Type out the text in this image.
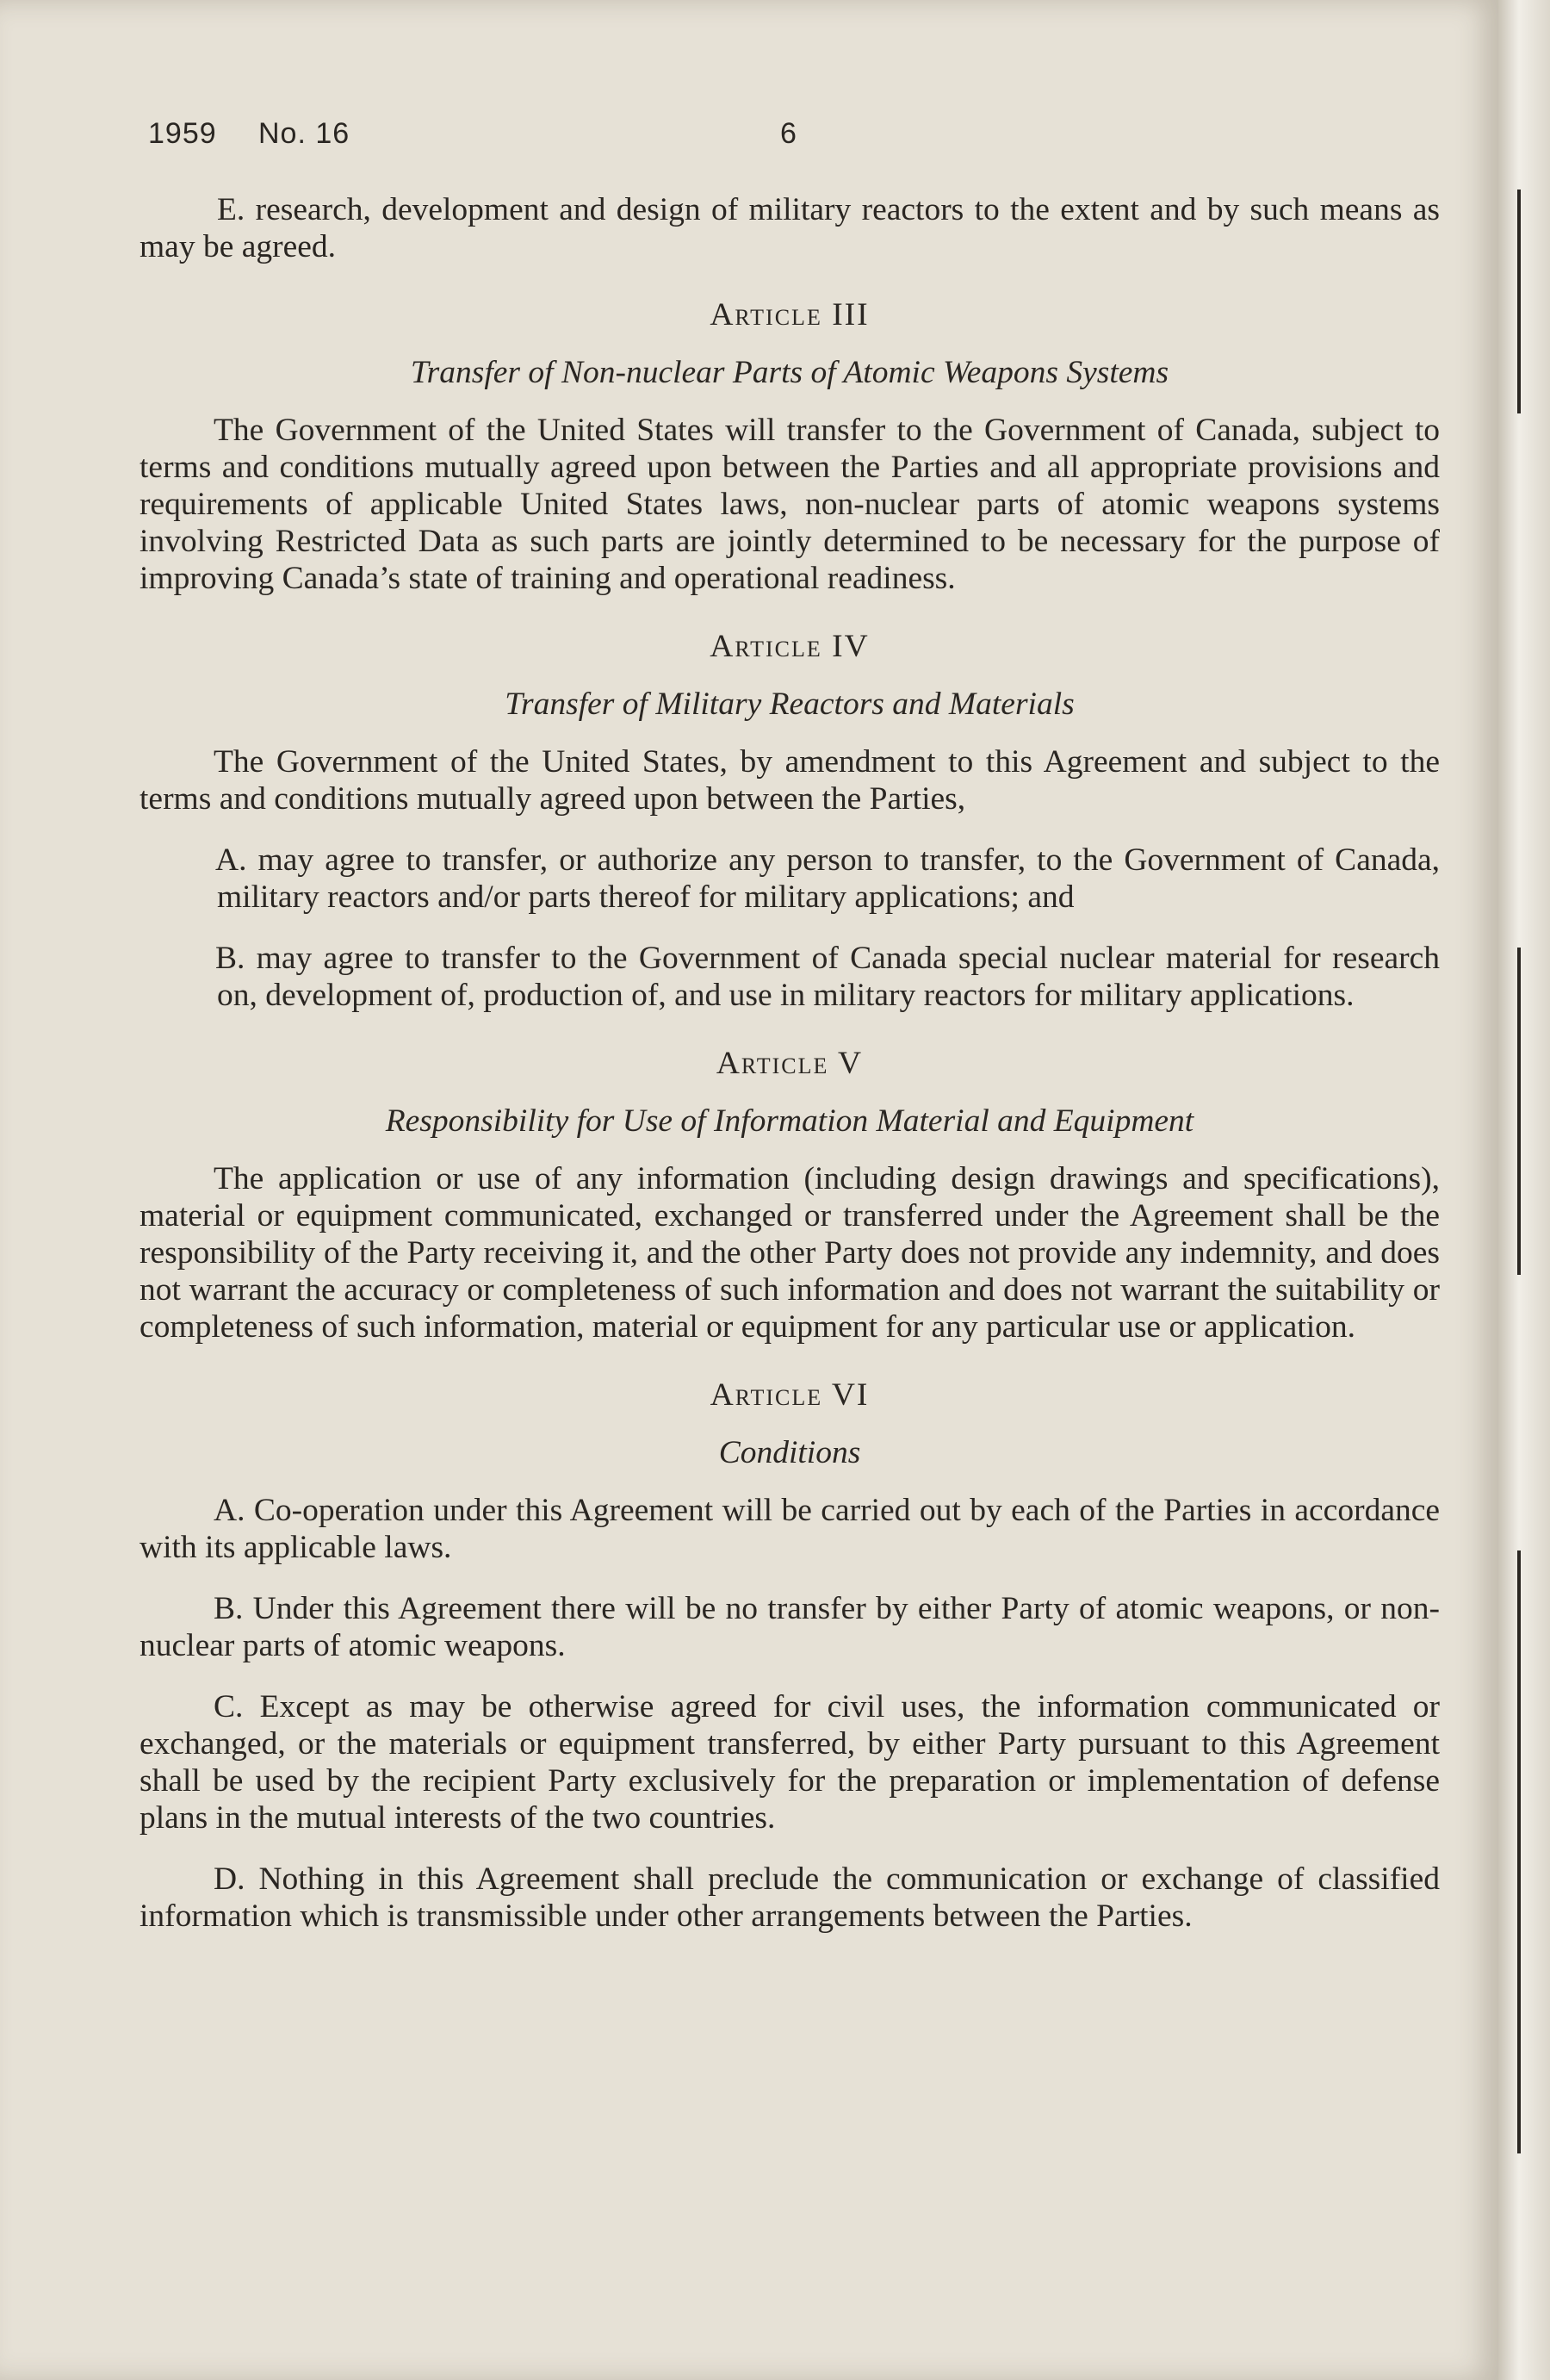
1959 No. 16	6

E. research, development and design of military reactors to the extent and by such means as may be agreed.

Article III
Transfer of Non-nuclear Parts of Atomic Weapons Systems

The Government of the United States will transfer to the Government of Canada, subject to terms and conditions mutually agreed upon between the Parties and all appropriate provisions and requirements of applicable United States laws, non-nuclear parts of atomic weapons systems involving Restricted Data as such parts are jointly determined to be necessary for the purpose of improving Canada’s state of training and operational readiness.

Article IV
Transfer of Military Reactors and Materials

The Government of the United States, by amendment to this Agreement and subject to the terms and conditions mutually agreed upon between the Parties,

A. may agree to transfer, or authorize any person to transfer, to the Government of Canada, military reactors and/or parts thereof for military applications; and

B. may agree to transfer to the Government of Canada special nuclear material for research on, development of, production of, and use in military reactors for military applications.

Article V
Responsibility for Use of Information Material and Equipment

The application or use of any information (including design drawings and specifications), material or equipment communicated, exchanged or transferred under the Agreement shall be the responsibility of the Party receiving it, and the other Party does not provide any indemnity, and does not warrant the accuracy or completeness of such information and does not warrant the suitability or completeness of such information, material or equipment for any particular use or application.

Article VI
Conditions

A. Co-operation under this Agreement will be carried out by each of the Parties in accordance with its applicable laws.

B. Under this Agreement there will be no transfer by either Party of atomic weapons, or non-nuclear parts of atomic weapons.

C. Except as may be otherwise agreed for civil uses, the information communicated or exchanged, or the materials or equipment transferred, by either Party pursuant to this Agreement shall be used by the recipient Party exclusively for the preparation or implementation of defense plans in the mutual interests of the two countries.

D. Nothing in this Agreement shall preclude the communication or exchange of classified information which is transmissible under other arrangements between the Parties.
